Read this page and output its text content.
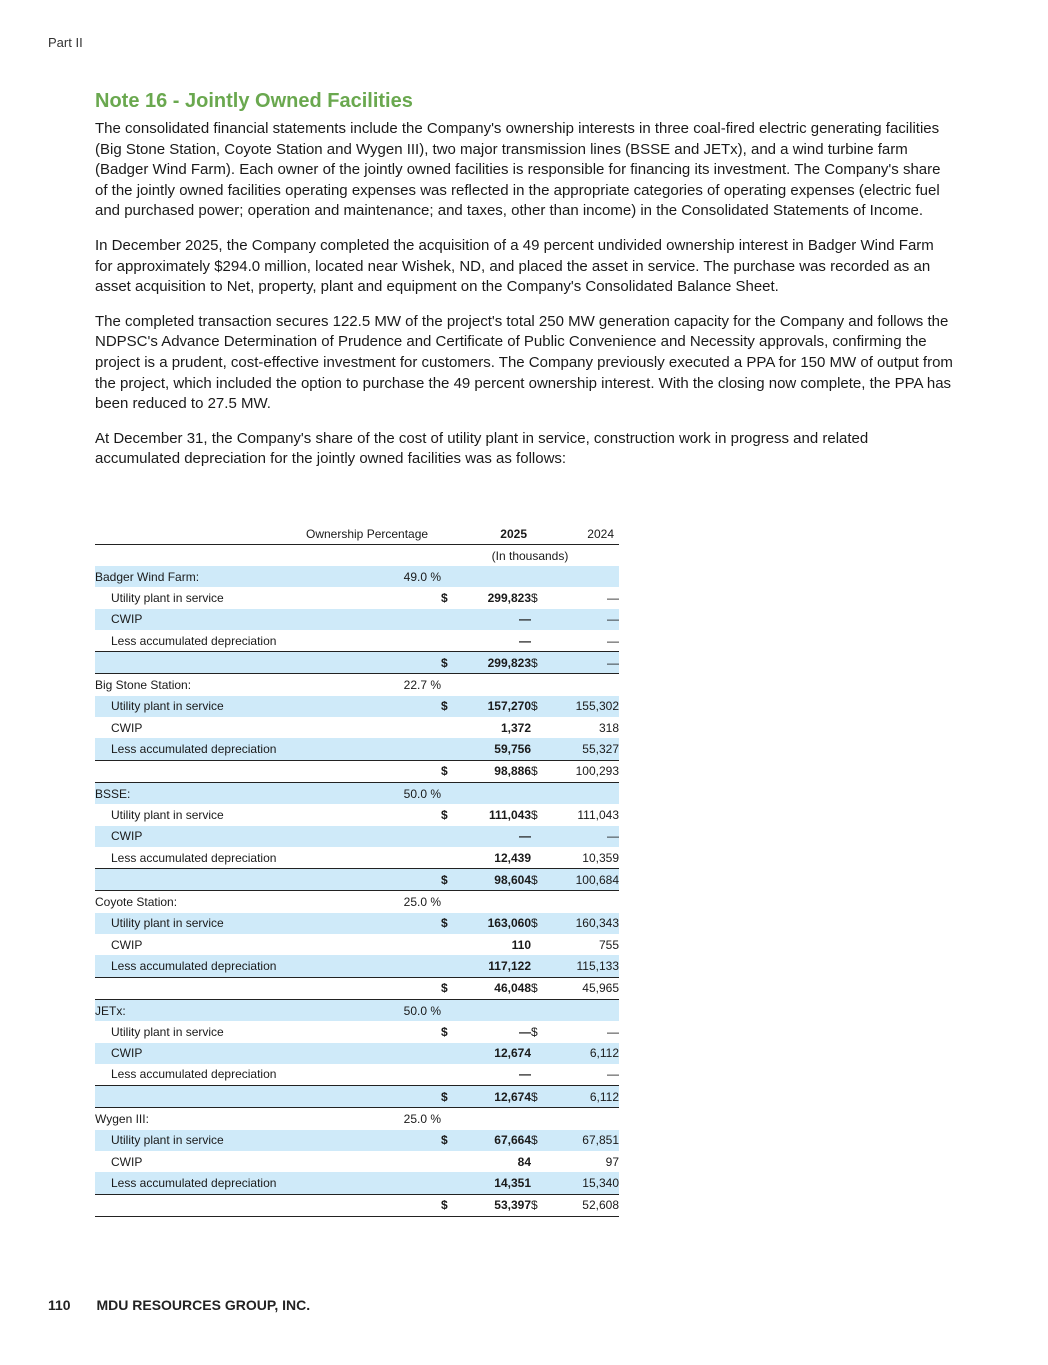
Part II
Note 16 - Jointly Owned Facilities

The consolidated financial statements include the Company's ownership interests in three coal-fired electric generating facilities (Big Stone Station, Coyote Station and Wygen III), two major transmission lines (BSSE and JETx), and a wind turbine farm (Badger Wind Farm). Each owner of the jointly owned facilities is responsible for financing its investment. The Company's share of the jointly owned facilities operating expenses was reflected in the appropriate categories of operating expenses (electric fuel and purchased power; operation and maintenance; and taxes, other than income) in the Consolidated Statements of Income.

In December 2025, the Company completed the acquisition of a 49 percent undivided ownership interest in Badger Wind Farm for approximately $294.0 million, located near Wishek, ND, and placed the asset in service. The purchase was recorded as an asset acquisition to Net, property, plant and equipment on the Company's Consolidated Balance Sheet.

The completed transaction secures 122.5 MW of the project's total 250 MW generation capacity for the Company and follows the NDPSC's Advance Determination of Prudence and Certificate of Public Convenience and Necessity approvals, confirming the project is a prudent, cost-effective investment for customers. The Company previously executed a PPA for 150 MW of output from the project, which included the option to purchase the 49 percent ownership interest. With the closing now complete, the PPA has been reduced to 27.5 MW.

At December 31, the Company's share of the cost of utility plant in service, construction work in progress and related accumulated depreciation for the jointly owned facilities was as follows:

	Ownership Percentage		2025		2024
		(In thousands)			
Badger Wind Farm:	49.0 %				
Utility plant in service		$	299,823	$	—
CWIP			—		—
Less accumulated depreciation			—		—
		$	299,823	$	—
Big Stone Station:	22.7 %				
Utility plant in service		$	157,270	$	155,302
CWIP			1,372		318
Less accumulated depreciation			59,756		55,327
		$	98,886	$	100,293
BSSE:	50.0 %				
Utility plant in service		$	111,043	$	111,043
CWIP			—		—
Less accumulated depreciation			12,439		10,359
		$	98,604	$	100,684
Coyote Station:	25.0 %				
Utility plant in service		$	163,060	$	160,343
CWIP			110		755
Less accumulated depreciation			117,122		115,133
		$	46,048	$	45,965
JETx:	50.0 %				
Utility plant in service		$	—	$	—
CWIP			12,674		6,112
Less accumulated depreciation			—		—
		$	12,674	$	6,112
Wygen III:	25.0 %				
Utility plant in service		$	67,664	$	67,851
CWIP			84		97
Less accumulated depreciation			14,351		15,340
		$	53,397	$	52,608
110 MDU RESOURCES GROUP, INC.
